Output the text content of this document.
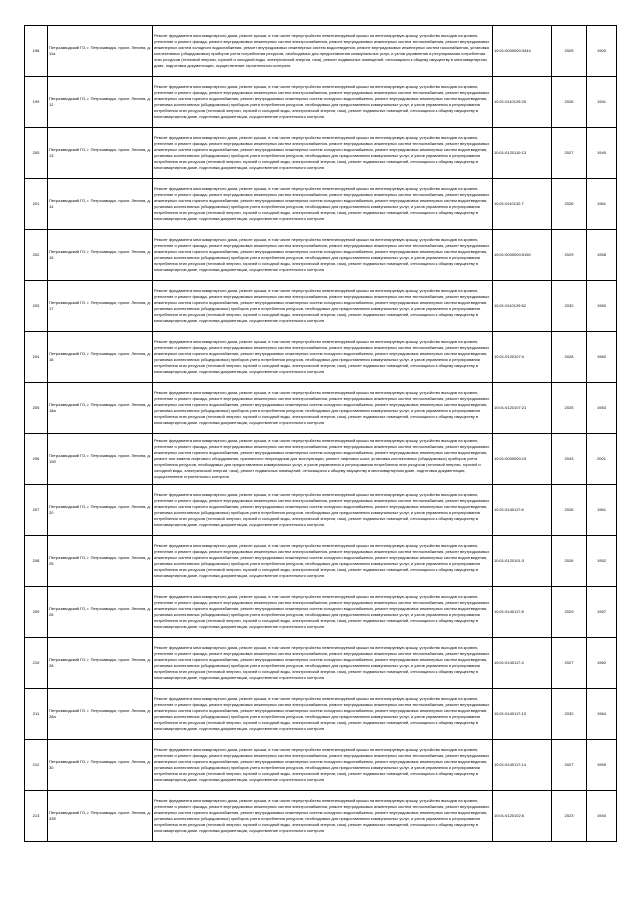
198	Петрозаводский ГО, г. Петрозаводск, просп. Ленина, д. 11а	Ремонт фундамента многоквартирного дома, ремонт крыши, в том числе переустройство невентилируемой крыши на вентилируемую крышу, устройство выходов на кровлю, утепление и ремонт фасада, ремонт внутридомовых инженерных систем электроснабжения, ремонт внутридомовых инженерных систем теплоснабжения, ремонт внутридомовых инженерных систем холодного водоснабжения, ремонт внутридомовых инженерных систем водоотведения, ремонт внутридомовых инженерных систем газоснабжения, установка коллективных (общедомовых) приборов учета потребления ресурсов, необходимых для предоставления коммунальных услуг, и узлов управления и регулирования потребления этих ресурсов (тепловой энергии, горячей и холодной воды, электрической энергии, газа), ремонт подвальных помещений, относящихся к общему имуществу в многоквартирном доме, подготовка документации, осуществление строительного контроля	10:01:0000000:3444	2025	1900
199	Петрозаводский ГО, г. Петрозаводск, просп. Ленина, д. 12	Ремонт фундамента многоквартирного дома, ремонт крыши, в том числе переустройство невентилируемой крыши на вентилируемую крышу, устройство выходов на кровлю, утепление и ремонт фасада, ремонт внутридомовых инженерных систем электроснабжения, ремонт внутридомовых инженерных систем теплоснабжения, ремонт внутридомовых инженерных систем горячего водоснабжения, ремонт внутридомовых инженерных систем холодного водоснабжения, ремонт внутридомовых инженерных систем водоотведения, установка коллективных (общедомовых) приборов учета потребления ресурсов, необходимых для предоставления коммунальных услуг, и узлов управления и регулирования потребления этих ресурсов (тепловой энергии, горячей и холодной воды, электрической энергии, газа), ремонт подвальных помещений, относящихся к общему имуществу в многоквартирном доме, подготовка документации, осуществление строительного контроля	10:01:0110129:25	2026	1941
200	Петрозаводский ГО, г. Петрозаводск, просп. Ленина, д. 13	Ремонт фундамента многоквартирного дома, ремонт крыши, в том числе переустройство невентилируемой крыши на вентилируемую крышу, устройство выходов на кровлю, утепление и ремонт фасада, ремонт внутридомовых инженерных систем электроснабжения, ремонт внутридомовых инженерных систем теплоснабжения, ремонт внутридомовых инженерных систем горячего водоснабжения, ремонт внутридомовых инженерных систем холодного водоснабжения, ремонт внутридомовых инженерных систем водоотведения, установка коллективных (общедомовых) приборов учета потребления ресурсов, необходимых для предоставления коммунальных услуг, и узлов управления и регулирования потребления этих ресурсов (тепловой энергии, горячей и холодной воды, электрической энергии, газа), ремонт подвальных помещений, относящихся к общему имуществу в многоквартирном доме, подготовка документации, осуществление строительного контроля	10:01:0120110:13	2027	1945
201	Петрозаводский ГО, г. Петрозаводск, просп. Ленина, д. 14	Ремонт фундамента многоквартирного дома, ремонт крыши, в том числе переустройство невентилируемой крыши на вентилируемую крышу, устройство выходов на кровлю, утепление и ремонт фасада, ремонт внутридомовых инженерных систем электроснабжения, ремонт внутридомовых инженерных систем теплоснабжения, ремонт внутридомовых инженерных систем горячего водоснабжения, ремонт внутридомовых инженерных систем холодного водоснабжения, ремонт внутридомовых инженерных систем водоотведения, установка коллективных (общедомовых) приборов учета потребления ресурсов, необходимых для предоставления коммунальных услуг, и узлов управления и регулирования потребления этих ресурсов (тепловой энергии, горячей и холодной воды, электрической энергии, газа), ремонт подвальных помещений, относящихся к общему имуществу в многоквартирном доме, подготовка документации, осуществление строительного контроля	10:01:0110132:7	2026	1961
202	Петрозаводский ГО, г. Петрозаводск, просп. Ленина, д. 15	Ремонт фундамента многоквартирного дома, ремонт крыши, в том числе переустройство невентилируемой крыши на вентилируемую крышу, устройство выходов на кровлю, утепление и ремонт фасада, ремонт внутридомовых инженерных систем электроснабжения, ремонт внутридомовых инженерных систем теплоснабжения, ремонт внутридомовых инженерных систем горячего водоснабжения, ремонт внутридомовых инженерных систем холодного водоснабжения, ремонт внутридомовых инженерных систем водоотведения, установка коллективных (общедомовых) приборов учета потребления ресурсов, необходимых для предоставления коммунальных услуг, и узлов управления и регулирования потребления этих ресурсов (тепловой энергии, горячей и холодной воды, электрической энергии, газа), ремонт подвальных помещений, относящихся к общему имуществу в многоквартирном доме, подготовка документации, осуществление строительного контроля	10:01:0000000:5150	2029	1956
203	Петрозаводский ГО, г. Петрозаводск, просп. Ленина, д. 17	Ремонт фундамента многоквартирного дома, ремонт крыши, в том числе переустройство невентилируемой крыши на вентилируемую крышу, устройство выходов на кровлю, утепление и ремонт фасада, ремонт внутридомовых инженерных систем электроснабжения, ремонт внутридомовых инженерных систем теплоснабжения, ремонт внутридомовых инженерных систем горячего водоснабжения, ремонт внутридомовых инженерных систем холодного водоснабжения, ремонт внутридомовых инженерных систем водоотведения, установка коллективных (общедомовых) приборов учета потребления ресурсов, необходимых для предоставления коммунальных услуг, и узлов управления и регулирования потребления этих ресурсов (тепловой энергии, горячей и холодной воды, электрической энергии, газа), ремонт подвальных помещений, относящихся к общему имуществу в многоквартирном доме, подготовка документации, осуществление строительного контроля	10:01:0110129:52	2032	1960
204	Петрозаводский ГО, г. Петрозаводск, просп. Ленина, д. 18	Ремонт фундамента многоквартирного дома, ремонт крыши, в том числе переустройство невентилируемой крыши на вентилируемую крышу, устройство выходов на кровлю, утепление и ремонт фасада, ремонт внутридомовых инженерных систем электроснабжения, ремонт внутридомовых инженерных систем теплоснабжения, ремонт внутридомовых инженерных систем горячего водоснабжения, ремонт внутридомовых инженерных систем холодного водоснабжения, ремонт внутридомовых инженерных систем водоотведения, установка коллективных (общедомовых) приборов учета потребления ресурсов, необходимых для предоставления коммунальных услуг, и узлов управления и регулирования потребления этих ресурсов (тепловой энергии, горячей и холодной воды, электрической энергии, газа), ремонт подвальных помещений, относящихся к общему имуществу в многоквартирном доме, подготовка документации, осуществление строительного контроля	10:01:0120107:4	2028	1960
205	Петрозаводский ГО, г. Петрозаводск, просп. Ленина, д. 18а	Ремонт фундамента многоквартирного дома, ремонт крыши, в том числе переустройство невентилируемой крыши на вентилируемую крышу, устройство выходов на кровлю, утепление и ремонт фасада, ремонт внутридомовых инженерных систем электроснабжения, ремонт внутридомовых инженерных систем теплоснабжения, ремонт внутридомовых инженерных систем горячего водоснабжения, ремонт внутридомовых инженерных систем холодного водоснабжения, ремонт внутридомовых инженерных систем водоотведения, установка коллективных (общедомовых) приборов учета потребления ресурсов, необходимых для предоставления коммунальных услуг, и узлов управления и регулирования потребления этих ресурсов (тепловой энергии, горячей и холодной воды, электрической энергии, газа), ремонт подвальных помещений, относящихся к общему имуществу в многоквартирном доме, подготовка документации, осуществление строительного контроля	10:01:0120107:21	2025	1953
206	Петрозаводский ГО, г. Петрозаводск, просп. Ленина, д. 19б	Ремонт фундамента многоквартирного дома, ремонт крыши, в том числе переустройство невентилируемой крыши на вентилируемую крышу, устройство выходов на кровлю, утепление и ремонт фасада, ремонт внутридомовых инженерных систем электроснабжения, ремонт внутридомовых инженерных систем теплоснабжения, ремонт внутридомовых инженерных систем горячего водоснабжения, ремонт внутридомовых инженерных систем холодного водоснабжения, ремонт внутридомовых инженерных систем водоотведения, ремонт или замена лифтового оборудования, признанного непригодным для эксплуатации, ремонт лифтовых шахт, установка коллективных (общедомовых) приборов учета потребления ресурсов, необходимых для предоставления коммунальных услуг, и узлов управления и регулирования потребления этих ресурсов (тепловой энергии, горячей и холодной воды, электрической энергии, газа), ремонт подвальных помещений, относящихся к общему имуществу в многоквартирном доме, подготовка документации, осуществление строительного контроля	10:01:0000000:15	2043	2001
207	Петрозаводский ГО, г. Петрозаводск, просп. Ленина, д. 20	Ремонт фундамента многоквартирного дома, ремонт крыши, в том числе переустройство невентилируемой крыши на вентилируемую крышу, устройство выходов на кровлю, утепление и ремонт фасада, ремонт внутридомовых инженерных систем электроснабжения, ремонт внутридомовых инженерных систем теплоснабжения, ремонт внутридомовых инженерных систем горячего водоснабжения, ремонт внутридомовых инженерных систем холодного водоснабжения, ремонт внутридомовых инженерных систем водоотведения, установка коллективных (общедомовых) приборов учета потребления ресурсов, необходимых для предоставления коммунальных услуг, и узлов управления и регулирования потребления этих ресурсов (тепловой энергии, горячей и холодной воды, электрической энергии, газа), ремонт подвальных помещений, относящихся к общему имуществу в многоквартирном доме, подготовка документации, осуществление строительного контроля	10:01:0140117:6	2026	1961
208	Петрозаводский ГО, г. Петрозаводск, просп. Ленина, д. 25	Ремонт фундамента многоквартирного дома, ремонт крыши, в том числе переустройство невентилируемой крыши на вентилируемую крышу, устройство выходов на кровлю, утепление и ремонт фасада, ремонт внутридомовых инженерных систем электроснабжения, ремонт внутридомовых инженерных систем теплоснабжения, ремонт внутридомовых инженерных систем горячего водоснабжения, ремонт внутридомовых инженерных систем холодного водоснабжения, ремонт внутридомовых инженерных систем водоотведения, установка коллективных (общедомовых) приборов учета потребления ресурсов, необходимых для предоставления коммунальных услуг, и узлов управления и регулирования потребления этих ресурсов (тепловой энергии, горячей и холодной воды, электрической энергии, газа), ремонт подвальных помещений, относящихся к общему имуществу в многоквартирном доме, подготовка документации, осуществление строительного контроля	10:01:0120101:3	2026	1952
209	Петрозаводский ГО, г. Петрозаводск, просп. Ленина, д. 26	Ремонт фундамента многоквартирного дома, ремонт крыши, в том числе переустройство невентилируемой крыши на вентилируемую крышу, устройство выходов на кровлю, утепление и ремонт фасада, ремонт внутридомовых инженерных систем электроснабжения, ремонт внутридомовых инженерных систем теплоснабжения, ремонт внутридомовых инженерных систем горячего водоснабжения, ремонт внутридомовых инженерных систем холодного водоснабжения, ремонт внутридомовых инженерных систем водоотведения, установка коллективных (общедомовых) приборов учета потребления ресурсов, необходимых для предоставления коммунальных услуг, и узлов управления и регулирования потребления этих ресурсов (тепловой энергии, горячей и холодной воды, электрической энергии, газа), ремонт подвальных помещений, относящихся к общему имуществу в многоквартирном доме, подготовка документации, осуществление строительного контроля	10:01:0140117:8	2029	1957
210	Петрозаводский ГО, г. Петрозаводск, просп. Ленина, д. 28	Ремонт фундамента многоквартирного дома, ремонт крыши, в том числе переустройство невентилируемой крыши на вентилируемую крышу, устройство выходов на кровлю, утепление и ремонт фасада, ремонт внутридомовых инженерных систем электроснабжения, ремонт внутридомовых инженерных систем теплоснабжения, ремонт внутридомовых инженерных систем горячего водоснабжения, ремонт внутридомовых инженерных систем холодного водоснабжения, ремонт внутридомовых инженерных систем водоотведения, установка коллективных (общедомовых) приборов учета потребления ресурсов, необходимых для предоставления коммунальных услуг, и узлов управления и регулирования потребления этих ресурсов (тепловой энергии, горячей и холодной воды, электрической энергии, газа), ремонт подвальных помещений, относящихся к общему имуществу в многоквартирном доме, подготовка документации, осуществление строительного контроля	10:01:0140117:4	2027	1962
211	Петрозаводский ГО, г. Петрозаводск, просп. Ленина, д. 28а	Ремонт фундамента многоквартирного дома, ремонт крыши, в том числе переустройство невентилируемой крыши на вентилируемую крышу, устройство выходов на кровлю, утепление и ремонт фасада, ремонт внутридомовых инженерных систем электроснабжения, ремонт внутридомовых инженерных систем теплоснабжения, ремонт внутридомовых инженерных систем горячего водоснабжения, ремонт внутридомовых инженерных систем холодного водоснабжения, ремонт внутридомовых инженерных систем водоотведения, установка коллективных (общедомовых) приборов учета потребления ресурсов, необходимых для предоставления коммунальных услуг, и узлов управления и регулирования потребления этих ресурсов (тепловой энергии, горячей и холодной воды, электрической энергии, газа), ремонт подвальных помещений, относящихся к общему имуществу в многоквартирном доме, подготовка документации, осуществление строительного контроля	10:01:0140117:13	2032	1964
212	Петрозаводский ГО, г. Петрозаводск, просп. Ленина, д. 30	Ремонт фундамента многоквартирного дома, ремонт крыши, в том числе переустройство невентилируемой крыши на вентилируемую крышу, устройство выходов на кровлю, утепление и ремонт фасада, ремонт внутридомовых инженерных систем электроснабжения, ремонт внутридомовых инженерных систем теплоснабжения, ремонт внутридомовых инженерных систем горячего водоснабжения, ремонт внутридомовых инженерных систем холодного водоснабжения, ремонт внутридомовых инженерных систем водоотведения, установка коллективных (общедомовых) приборов учета потребления ресурсов, необходимых для предоставления коммунальных услуг, и узлов управления и регулирования потребления этих ресурсов (тепловой энергии, горячей и холодной воды, электрической энергии, газа), ремонт подвальных помещений, относящихся к общему имуществу в многоквартирном доме, подготовка документации, осуществление строительного контроля	10:01:0140117:14	2027	1959
213	Петрозаводский ГО, г. Петрозаводск, просп. Ленина, д. 33б	Ремонт фундамента многоквартирного дома, ремонт крыши, в том числе переустройство невентилируемой крыши на вентилируемую крышу, устройство выходов на кровлю, утепление и ремонт фасада, ремонт внутридомовых инженерных систем электроснабжения, ремонт внутридомовых инженерных систем теплоснабжения, ремонт внутридомовых инженерных систем горячего водоснабжения, ремонт внутридомовых инженерных систем холодного водоснабжения, ремонт внутридомовых инженерных систем водоотведения, установка коллективных (общедомовых) приборов учета потребления ресурсов, необходимых для предоставления коммунальных услуг, и узлов управления и регулирования потребления этих ресурсов (тепловой энергии, горячей и холодной воды, электрической энергии, газа), ремонт подвальных помещений, относящихся к общему имуществу в многоквартирном доме, подготовка документации, осуществление строительного контроля	10:01:0120102:6	2023	1940
